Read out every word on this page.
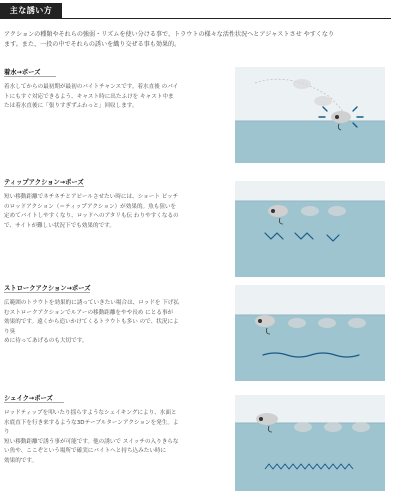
主な誘い方
アクションの種類やそれらの強弱・リズムを使い分ける事で、トラウトの様々な活性状況へとアジャストさせ やすくなり
ます。また、一投の中でそれらの誘いを織り交ぜる事も効果的。
着水→ポーズ
着水してからの最初期が最初のバイトチャンスです。着水直後 のバイ
トにもすぐ対応できるよう、キャスト時に出たふけを キャスト中ま
たは着水直後に「張りすぎずふわっと」回収します。
ティップアクション→ポーズ
短い移動距離でネチネチとアピールさせたい時には、ショート ピッチ
のロッドアクション（＝ティップアクション）が効果的。魚も狙いを
定めてバイトしやすくなり、ロッドへのアタリも伝 わりやすくなるの
で、サイトが難しい状況下でも効果的です。
ストロークアクション→ポーズ
広範囲のトラウトを効果的に誘っていきたい場合は、ロッドを 下げ払
むストロークアクションでルアーの移動距離をやや長め にとる事が
効果的です。遠くから追いかけてくるトラウトも多い ので、状況により臭
めに待ってあげるのも大切です。
シェイク→ポーズ
ロッドティップを叩いたり揺らすようなシェイキングにより、水面と
水底直下を行き来するような3Dテーブルターンアクションを発生。より
短い移動距離で誘う事が可能です。他の誘いで スイッチの入りきらな
い魚や、ここぞという場所で確実にバイトへと持ち込みたい時に
効果的です。
